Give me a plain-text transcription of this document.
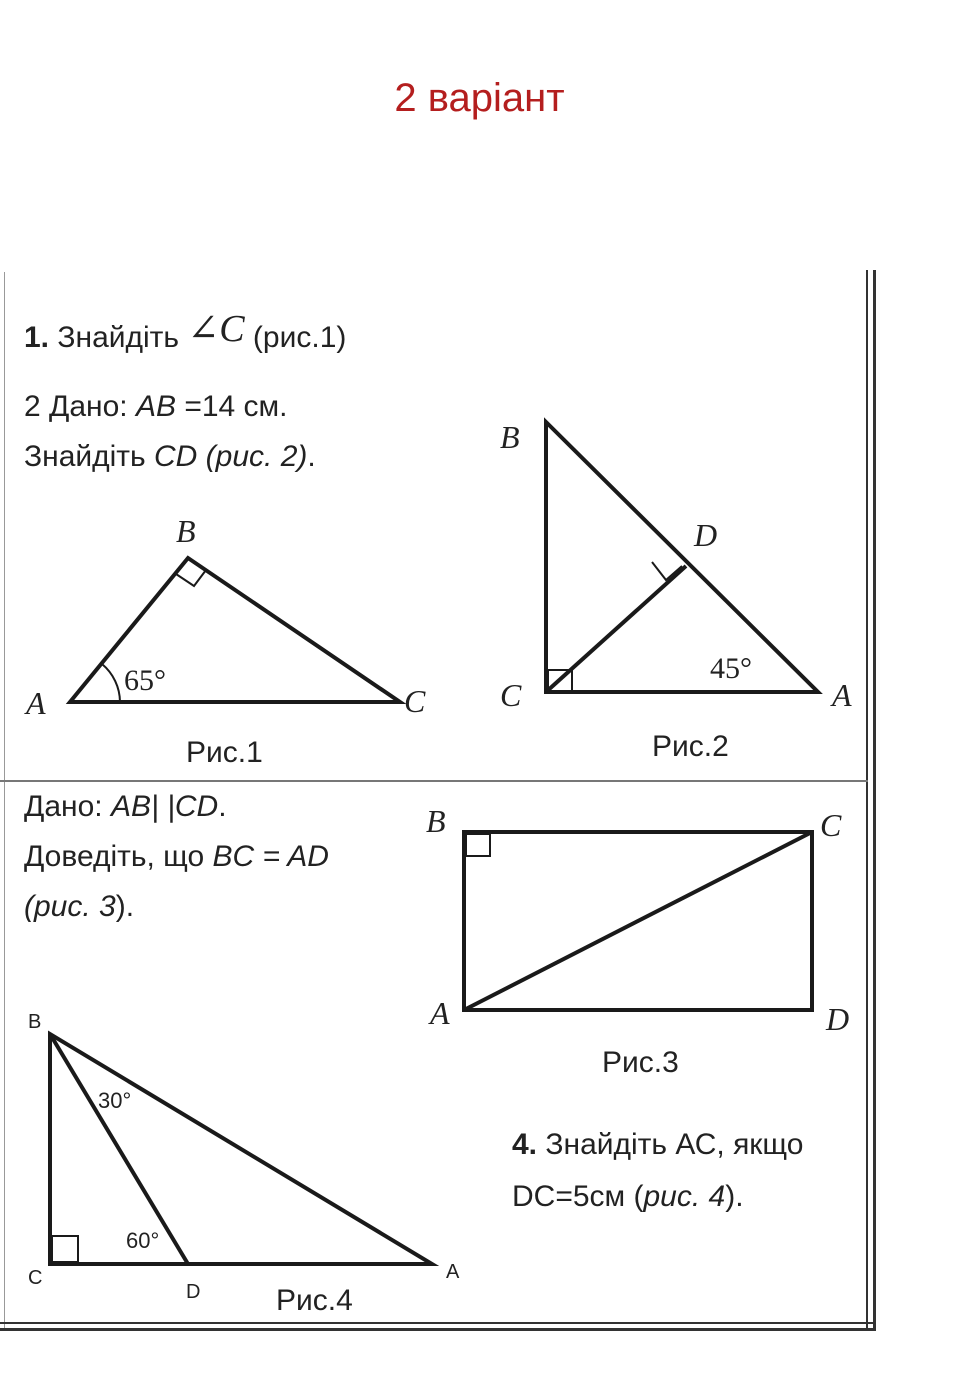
2 варіант
1. Знайдіть ∠C (рис.1)
2 Дано: AB =14 см.
Знайдіть CD (рис. 2).
Дано: AB| |CD.
Доведіть, що BC = AD
(рис. 3).
4. Знайдіть АС, якщо
DC=5см (рис. 4).
B
A	C
65°
Рис.1
B
D
C	A
45°
Рис.2
B	C
A	D
Рис.3
B
C
D
A
30°
60°
Рис.4
